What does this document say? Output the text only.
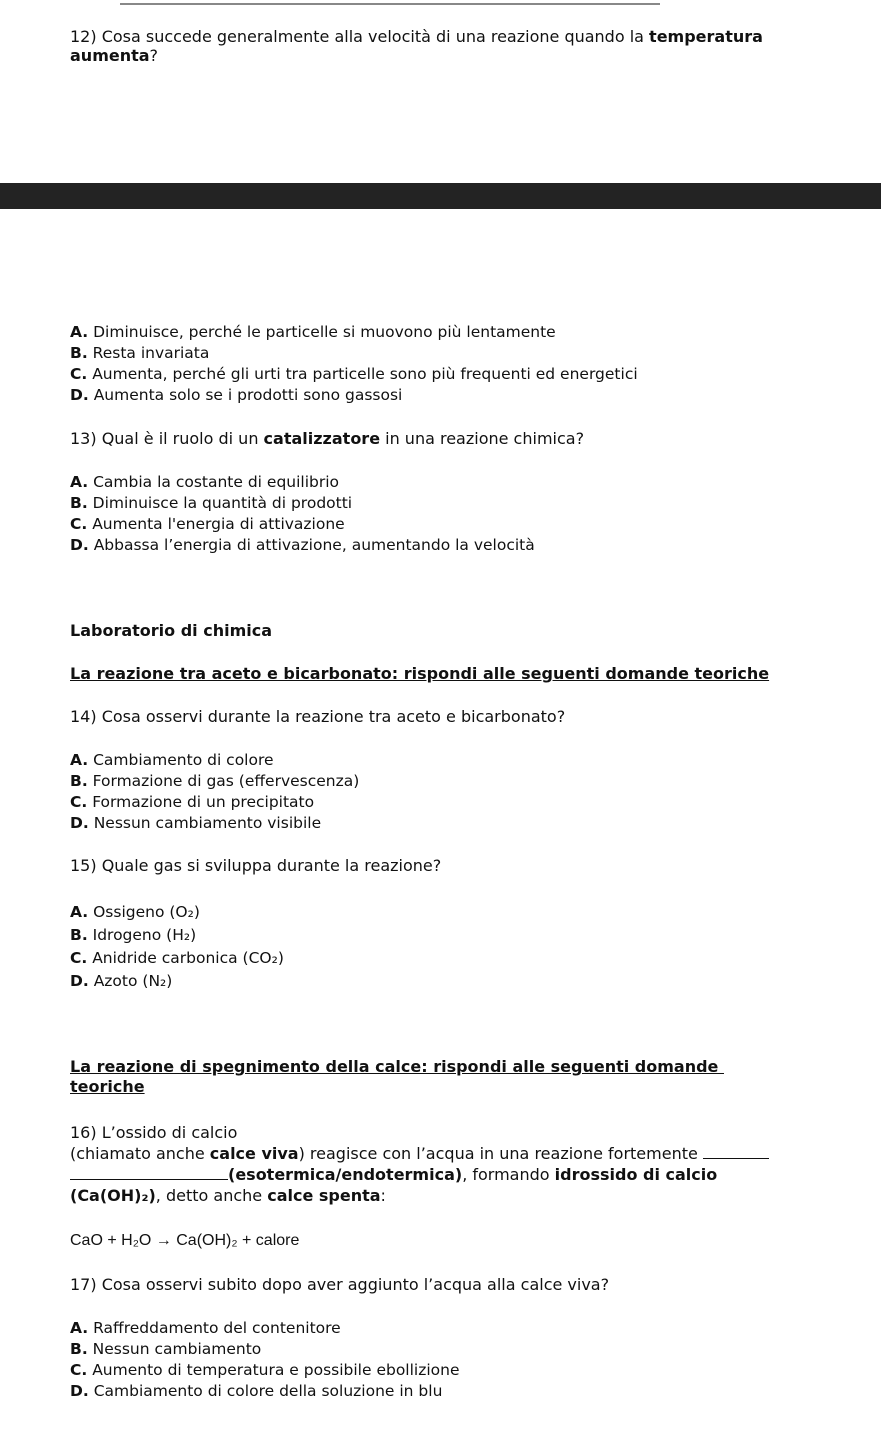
12) Cosa succede generalmente alla velocità di una reazione quando la temperatura
aumenta?
A. Diminuisce, perché le particelle si muovono più lentamente
B. Resta invariata
C. Aumenta, perché gli urti tra particelle sono più frequenti ed energetici
D. Aumenta solo se i prodotti sono gassosi
13) Qual è il ruolo di un catalizzatore in una reazione chimica?
A. Cambia la costante di equilibrio
B. Diminuisce la quantità di prodotti
C. Aumenta l'energia di attivazione
D. Abbassa l’energia di attivazione, aumentando la velocità
Laboratorio di chimica
La reazione tra aceto e bicarbonato: rispondi alle seguenti domande teoriche
14) Cosa osservi durante la reazione tra aceto e bicarbonato?
A. Cambiamento di colore
B. Formazione di gas (effervescenza)
C. Formazione di un precipitato
D. Nessun cambiamento visibile
15) Quale gas si sviluppa durante la reazione?
A. Ossigeno (O₂)
B. Idrogeno (H₂)
C. Anidride carbonica (CO₂)
D. Azoto (N₂)
La reazione di spegnimento della calce: rispondi alle seguenti domande
teoriche
16) L’ossido di calcio
(chiamato anche calce viva) reagisce con l’acqua in una reazione fortemente
(esotermica/endotermica), formando idrossido di calcio
(Ca(OH)₂), detto anche calce spenta:
CaO + H₂O → Ca(OH)₂ + calore
17) Cosa osservi subito dopo aver aggiunto l’acqua alla calce viva?
A. Raffreddamento del contenitore
B. Nessun cambiamento
C. Aumento di temperatura e possibile ebollizione
D. Cambiamento di colore della soluzione in blu
